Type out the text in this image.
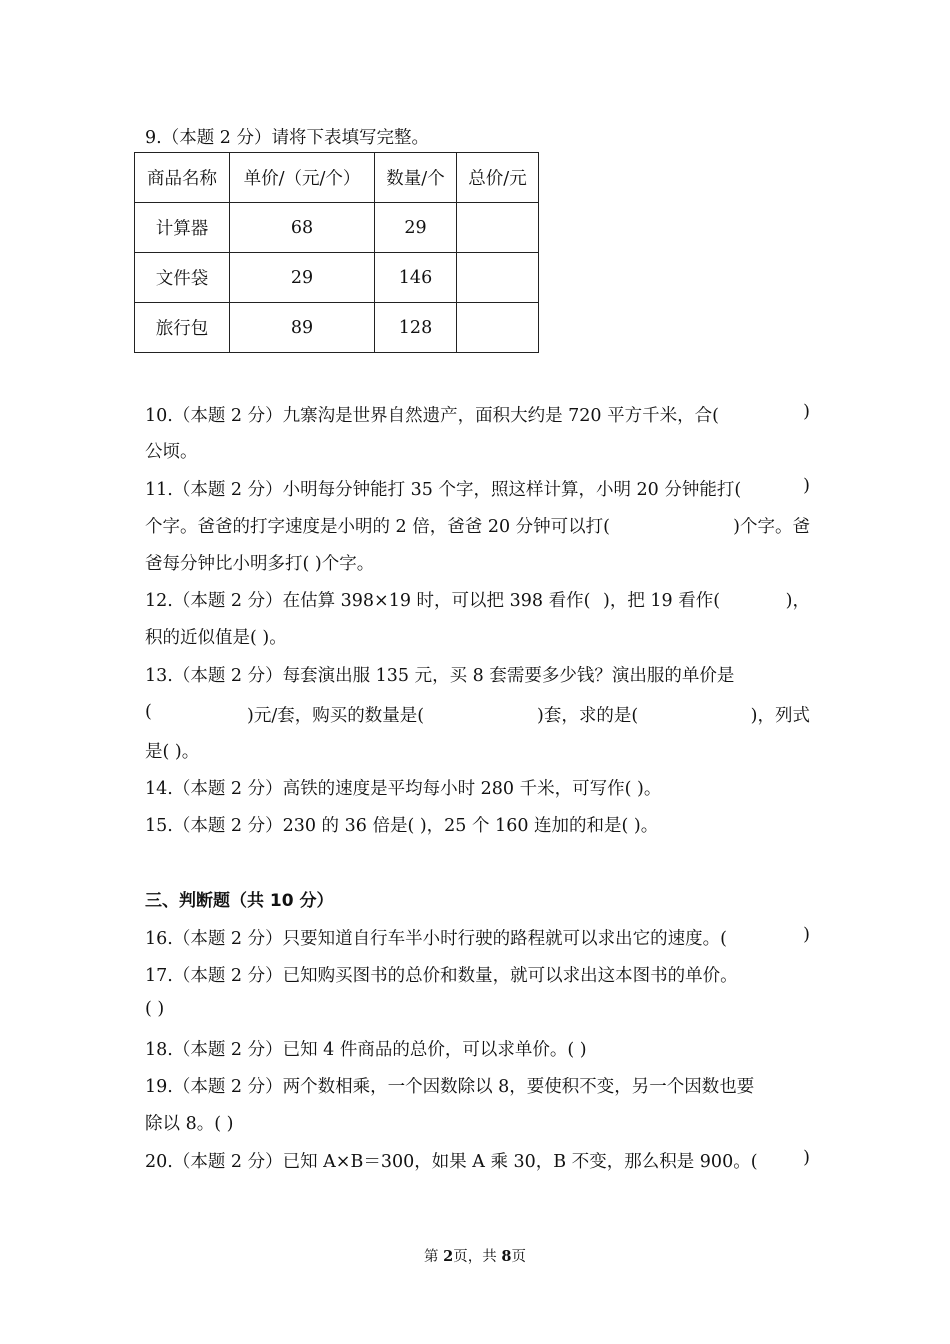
9.（本题 2 分）请将下表填写完整。
商品名称	单价/（元/个）	数量/个	总价/元
计算器	68	29	
文件袋	29	146	
旅行包	89	128	
10.（本题 2 分）九寨沟是世界自然遗产，面积大约是 720 平方千米，合(	)
公顷。
11.（本题 2 分）小明每分钟能打 35 个字，照这样计算，小明 20 分钟能打(	)
个字。爸爸的打字速度是小明的 2 倍，爸爸 20 分钟可以打(	)个字。爸
爸每分钟比小明多打( )个字。
12.（本题 2 分）在估算 398×19 时，可以把 398 看作( )，把 19 看作(	)，
积的近似值是( )。
13.（本题 2 分）每套演出服 135 元，买 8 套需要多少钱？演出服的单价是
(	)元/套，购买的数量是(	)套，求的是(	)，列式
是( )。
14.（本题 2 分）高铁的速度是平均每小时 280 千米，可写作( )。
15.（本题 2 分）230 的 36 倍是( )，25 个 160 连加的和是( )。
三、判断题（共 10 分）
16.（本题 2 分）只要知道自行车半小时行驶的路程就可以求出它的速度。(	)
17.（本题 2 分）已知购买图书的总价和数量，就可以求出这本图书的单价。
( )
18.（本题 2 分）已知 4 件商品的总价，可以求单价。( )
19.（本题 2 分）两个数相乘，一个因数除以 8，要使积不变，另一个因数也要
除以 8。( )
20.（本题 2 分）已知 A×B＝300，如果 A 乘 30，B 不变，那么积是 900。(	)
第 2页，共 8页
